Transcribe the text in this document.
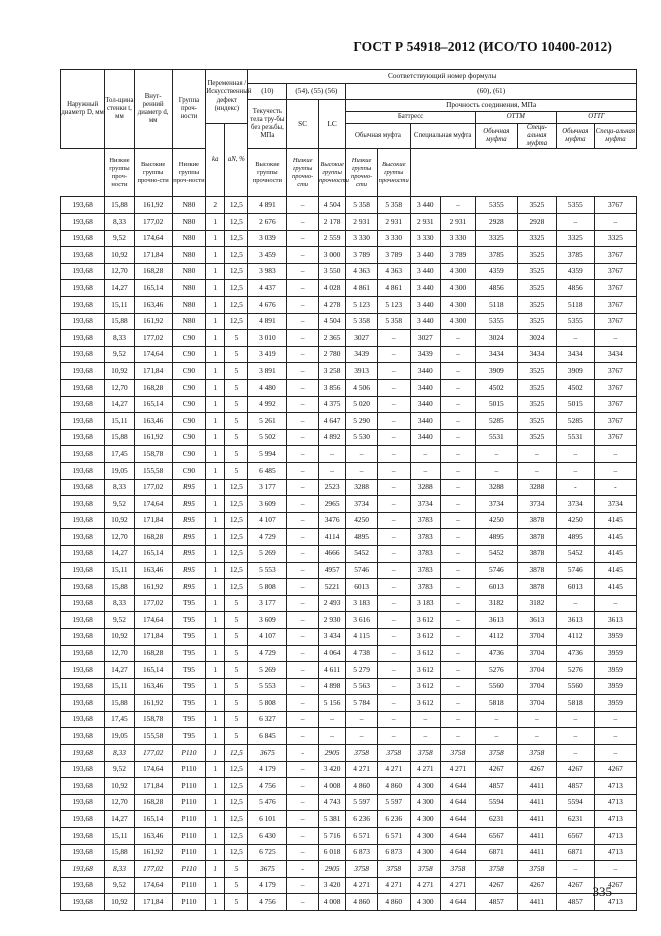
ГОСТ Р 54918–2012 (ИСО/ТО 10400-2012)
Наружный диаметр D, мм	Тол-щина стенки t, мм	Внут-ренний диаметр d, мм	Группа проч-ности	Переменная /Искусственный дефект (индекс)		Соответствующий номер формулы										
						(10)	(54), (55) (56)		(60), (61)							
						Текучесть тела тру-бы без резьбы, МПа	SC	LC	Прочность соединения, МПа							
									Баттресс				ОТТМ		ОТТГ	
				kа	aN, %				Обычная муфта		Специальная муфта		Обычная муфта	Специ-альная муфта	Обычная муфта	Специ-альная муфта
	Низкие группы проч-ности	Высокие группы прочно-сти	Низкие группы проч-ности			Высокие группы прочности	Низкие группы прочно-сти	Высокие группы прочности	Низкие группы прочно-сти	Высокие группы прочности						
193,68	15,88	161,92	N80	2	12,5	4 891	–	4 504	5 358	5 358	3 440	–	5355	3525	5355	3767
193,68	8,33	177,02	N80	1	12,5	2 676	–	2 178	2 931	2 931	2 931	2 931	2928	2928	–	–
193,68	9,52	174,64	N80	1	12,5	3 039	–	2 559	3 330	3 330	3 330	3 330	3325	3325	3325	3325
193,68	10,92	171,84	N80	1	12,5	3 459	–	3 000	3 789	3 789	3 440	3 789	3785	3525	3785	3767
193,68	12,70	168,28	N80	1	12,5	3 983	–	3 550	4 363	4 363	3 440	4 300	4359	3525	4359	3767
193,68	14,27	165,14	N80	1	12,5	4 437	–	4 028	4 861	4 861	3 440	4 300	4856	3525	4856	3767
193,68	15,11	163,46	N80	1	12,5	4 676	–	4 278	5 123	5 123	3 440	4 300	5118	3525	5118	3767
193,68	15,88	161,92	N80	1	12,5	4 891	–	4 504	5 358	5 358	3 440	4 300	5355	3525	5355	3767
193,68	8,33	177,02	C90	1	5	3 010	–	2 365	3027	–	3027	–	3024	3024	–	–
193,68	9,52	174,64	C90	1	5	3 419	–	2 780	3439	–	3439	–	3434	3434	3434	3434
193,68	10,92	171,84	C90	1	5	3 891	–	3 258	3913	–	3440	–	3909	3525	3909	3767
193,68	12,70	168,28	C90	1	5	4 480	–	3 856	4 506	–	3440	–	4502	3525	4502	3767
193,68	14,27	165,14	C90	1	5	4 992	–	4 375	5 020	–	3440	–	5015	3525	5015	3767
193,68	15,11	163,46	C90	1	5	5 261	–	4 647	5 290	–	3440	–	5285	3525	5285	3767
193,68	15,88	161,92	C90	1	5	5 502	–	4 892	5 530	–	3440	–	5531	3525	5531	3767
193,68	17,45	158,78	C90	1	5	5 994	–	–	–	–	–	–	–	–	–	–
193,68	19,05	155,58	C90	1	5	6 485	–	–	–	–	–	–	–	–	–	–
193,68	8,33	177,02	R95	1	12,5	3 177	–	2523	3288	–	3288	–	3288	3288	-	-
193,68	9,52	174,64	R95	1	12,5	3 609	–	2965	3734	–	3734	–	3734	3734	3734	3734
193,68	10,92	171,84	R95	1	12,5	4 107	–	3476	4250	–	3783	–	4250	3878	4250	4145
193,68	12,70	168,28	R95	1	12,5	4 729	–	4114	4895	–	3783	–	4895	3878	4895	4145
193,68	14,27	165,14	R95	1	12,5	5 269	–	4666	5452	–	3783	–	5452	3878	5452	4145
193,68	15,11	163,46	R95	1	12,5	5 553	–	4957	5746	–	3783	–	5746	3878	5746	4145
193,68	15,88	161,92	R95	1	12,5	5 808	–	5221	6013	–	3783	–	6013	3878	6013	4145
193,68	8,33	177,02	T95	1	5	3 177	–	2 493	3 183	–	3 183	–	3182	3182	–	–
193,68	9,52	174,64	T95	1	5	3 609	–	2 930	3 616	–	3 612	–	3613	3613	3613	3613
193,68	10,92	171,84	T95	1	5	4 107	–	3 434	4 115	–	3 612	–	4112	3704	4112	3959
193,68	12,70	168,28	T95	1	5	4 729	–	4 064	4 738	–	3 612	–	4736	3704	4736	3959
193,68	14,27	165,14	T95	1	5	5 269	–	4 611	5 279	–	3 612	–	5276	3704	5276	3959
193,68	15,11	163,46	T95	1	5	5 553	–	4 898	5 563	–	3 612	–	5560	3704	5560	3959
193,68	15,88	161,92	T95	1	5	5 808	–	5 156	5 784	–	3 612	–	5818	3704	5818	3959
193,68	17,45	158,78	T95	1	5	6 327	–	–	–	–	–	–	–	–	–	–
193,68	19,05	155,58	T95	1	5	6 845	–	–	–	–	–	–	–	–	–	–
193,68	8,33	177,02	P110	1	12,5	3675	-	2905	3758	3758	3758	3758	3758	3758	–	–
193,68	9,52	174,64	P110	1	12,5	4 179	–	3 420	4 271	4 271	4 271	4 271	4267	4267	4267	4267
193,68	10,92	171,84	P110	1	12,5	4 756	–	4 008	4 860	4 860	4 300	4 644	4857	4411	4857	4713
193,68	12,70	168,28	P110	1	12,5	5 476	–	4 743	5 597	5 597	4 300	4 644	5594	4411	5594	4713
193,68	14,27	165,14	P110	1	12,5	6 101	–	5 381	6 236	6 236	4 300	4 644	6231	4411	6231	4713
193,68	15,11	163,46	P110	1	12,5	6 430	–	5 716	6 571	6 571	4 300	4 644	6567	4411	6567	4713
193,68	15,88	161,92	P110	1	12,5	6 725	–	6 018	6 873	6 873	4 300	4 644	6871	4411	6871	4713
193,68	8,33	177,02	P110	1	5	3675	-	2905	3758	3758	3758	3758	3758	3758	–	–
193,68	9,52	174,64	P110	1	5	4 179	–	3 420	4 271	4 271	4 271	4 271	4267	4267	4267	4267
193,68	10,92	171,84	P110	1	5	4 756	–	4 008	4 860	4 860	4 300	4 644	4857	4411	4857	4713
335
